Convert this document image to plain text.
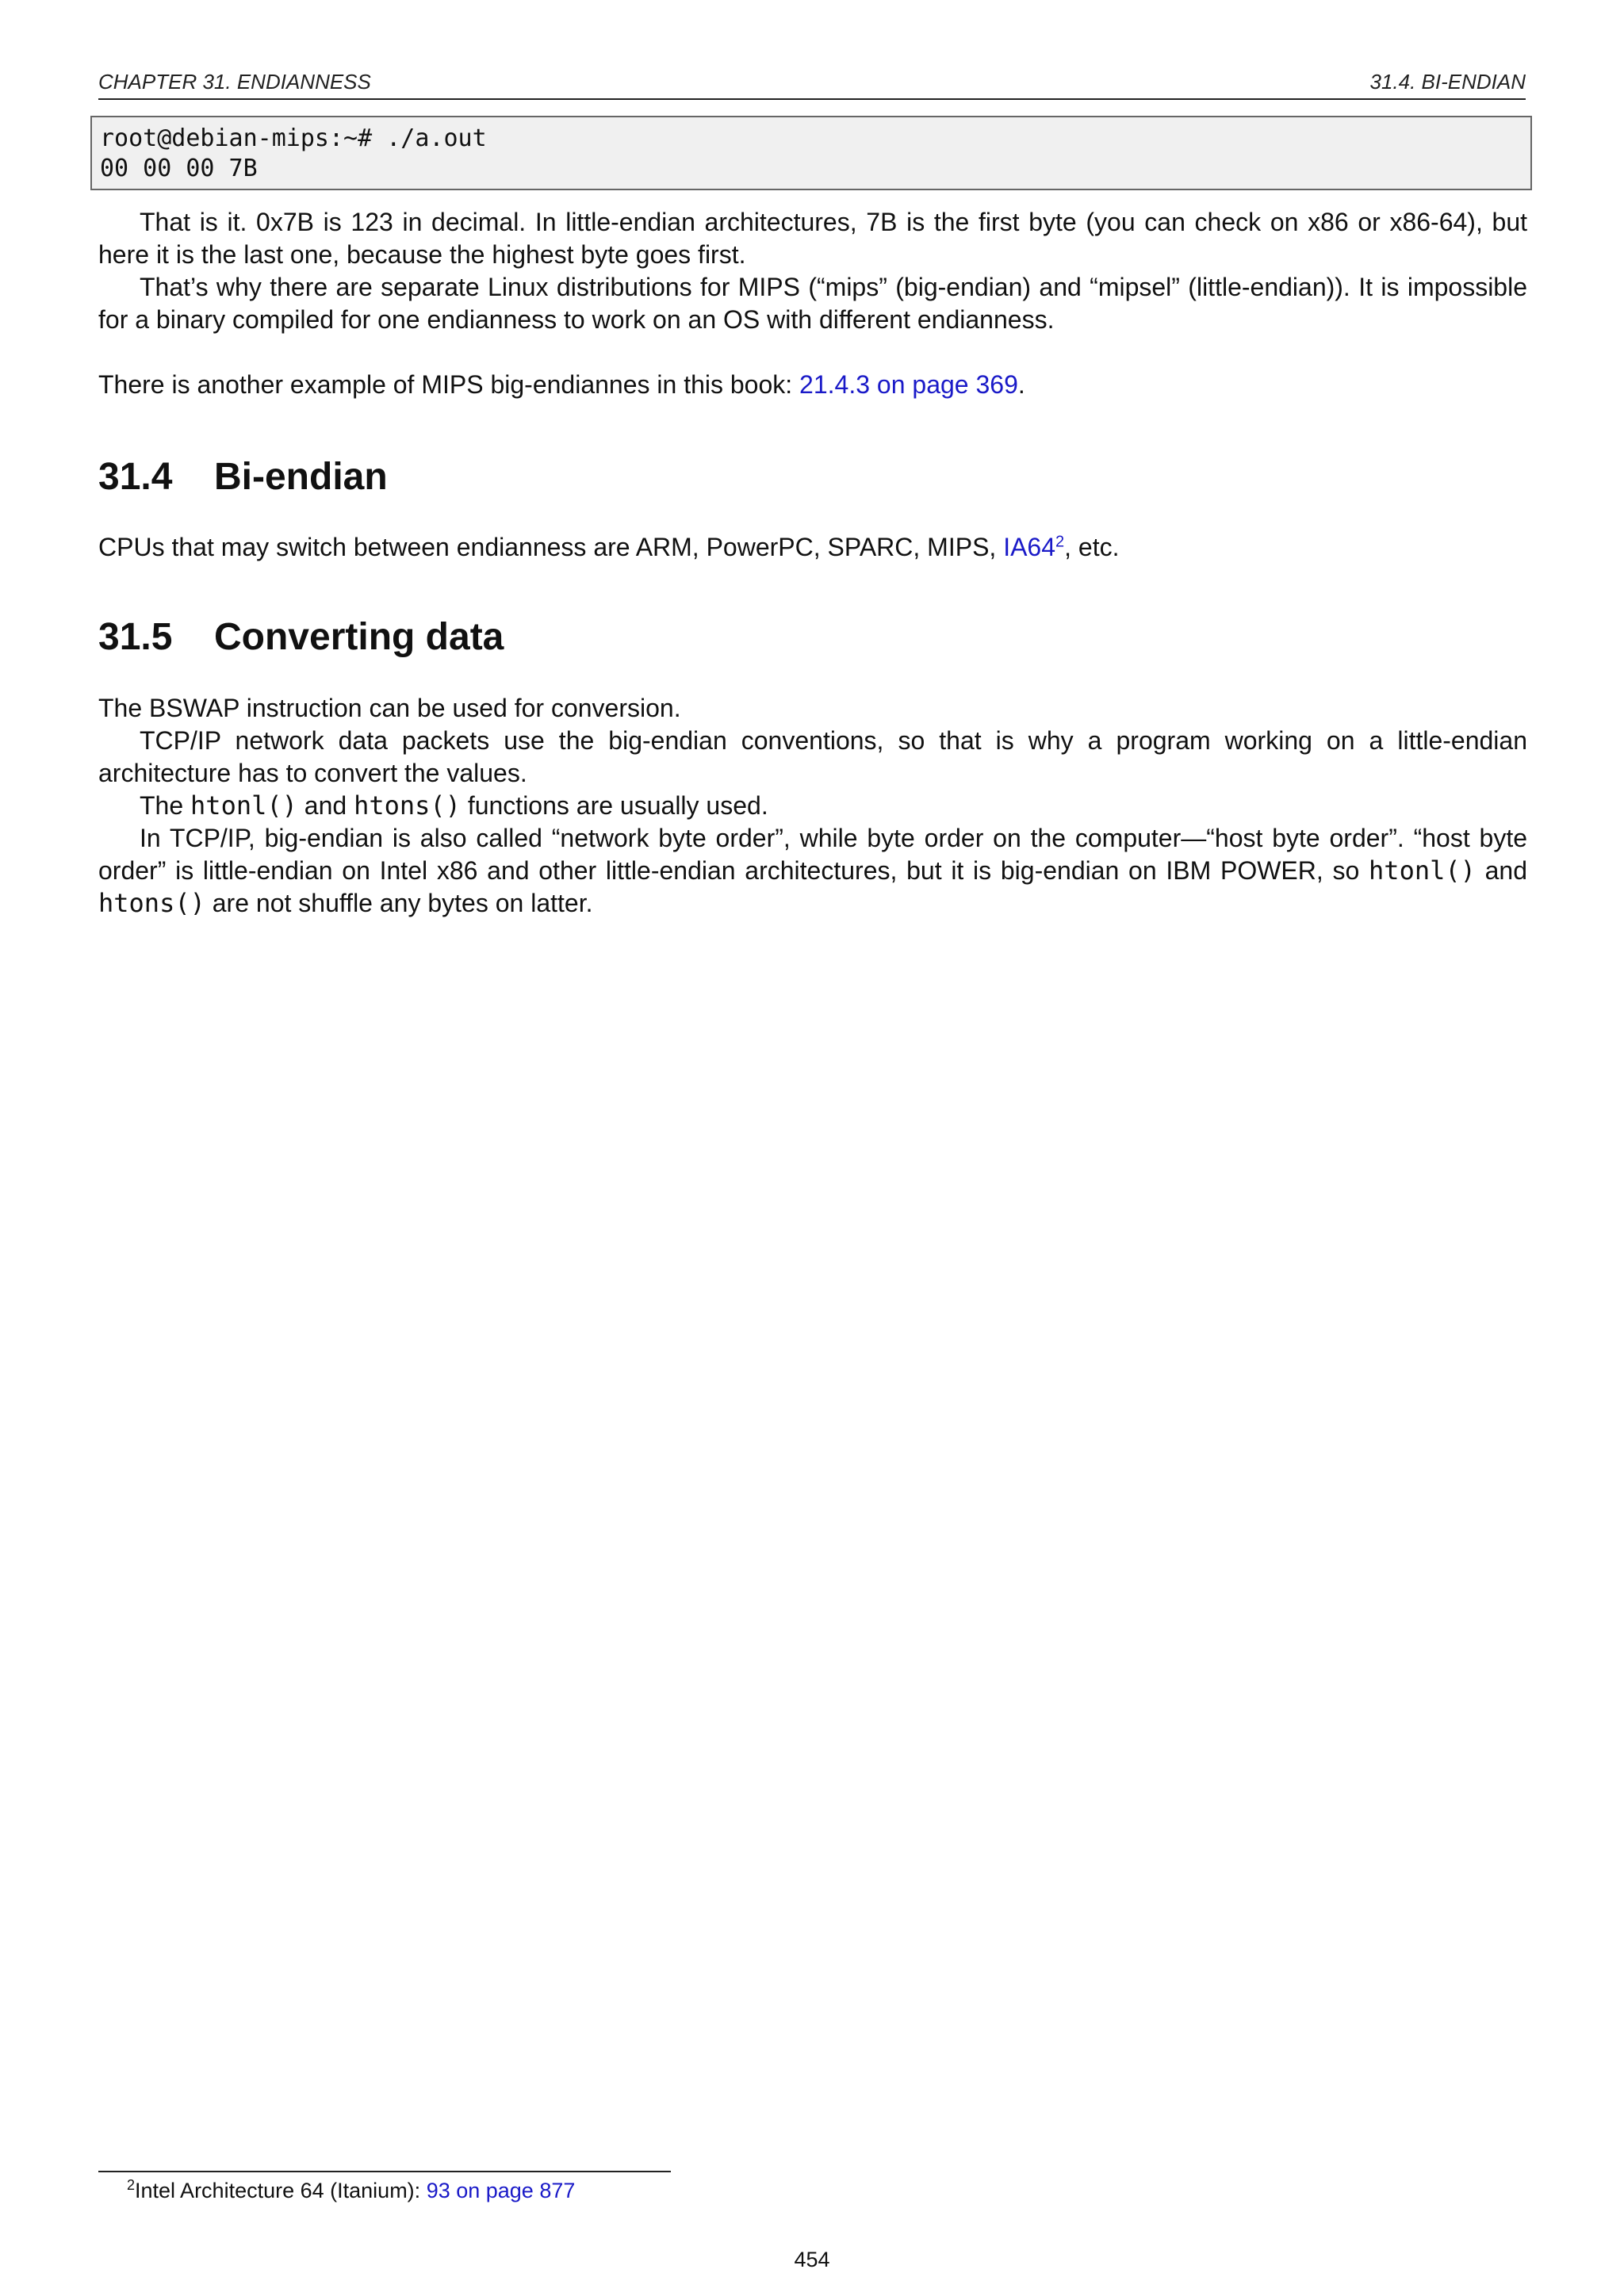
CHAPTER 31. ENDIANNESS	31.4. BI-ENDIAN
root@debian-mips:~# ./a.out
00 00 00 7B

That is it. 0x7B is 123 in decimal. In little-endian architectures, 7B is the first byte (you can check on x86 or x86-64), but here it is the last one, because the highest byte goes first.

That’s why there are separate Linux distributions for MIPS (“mips” (big-endian) and “mipsel” (little-endian)). It is impossible for a binary compiled for one endianness to work on an OS with different endianness.

There is another example of MIPS big-endiannes in this book: 21.4.3 on page 369.

31.4 Bi-endian

CPUs that may switch between endianness are ARM, PowerPC, SPARC, MIPS, $IA64^2$, etc.

31.5 Converting data

The BSWAP instruction can be used for conversion.

TCP/IP network data packets use the big-endian conventions, so that is why a program working on a little-endian architecture has to convert the values.

The htonl() and htons() functions are usually used.

In TCP/IP, big-endian is also called “network byte order”, while byte order on the computer—“host byte order”. “host byte order” is little-endian on Intel x86 and other little-endian architectures, but it is big-endian on IBM POWER, so htonl() and htons() are not shuffle any bytes on latter.

$^2$Intel Architecture 64 (Itanium): 93 on page 877
454
